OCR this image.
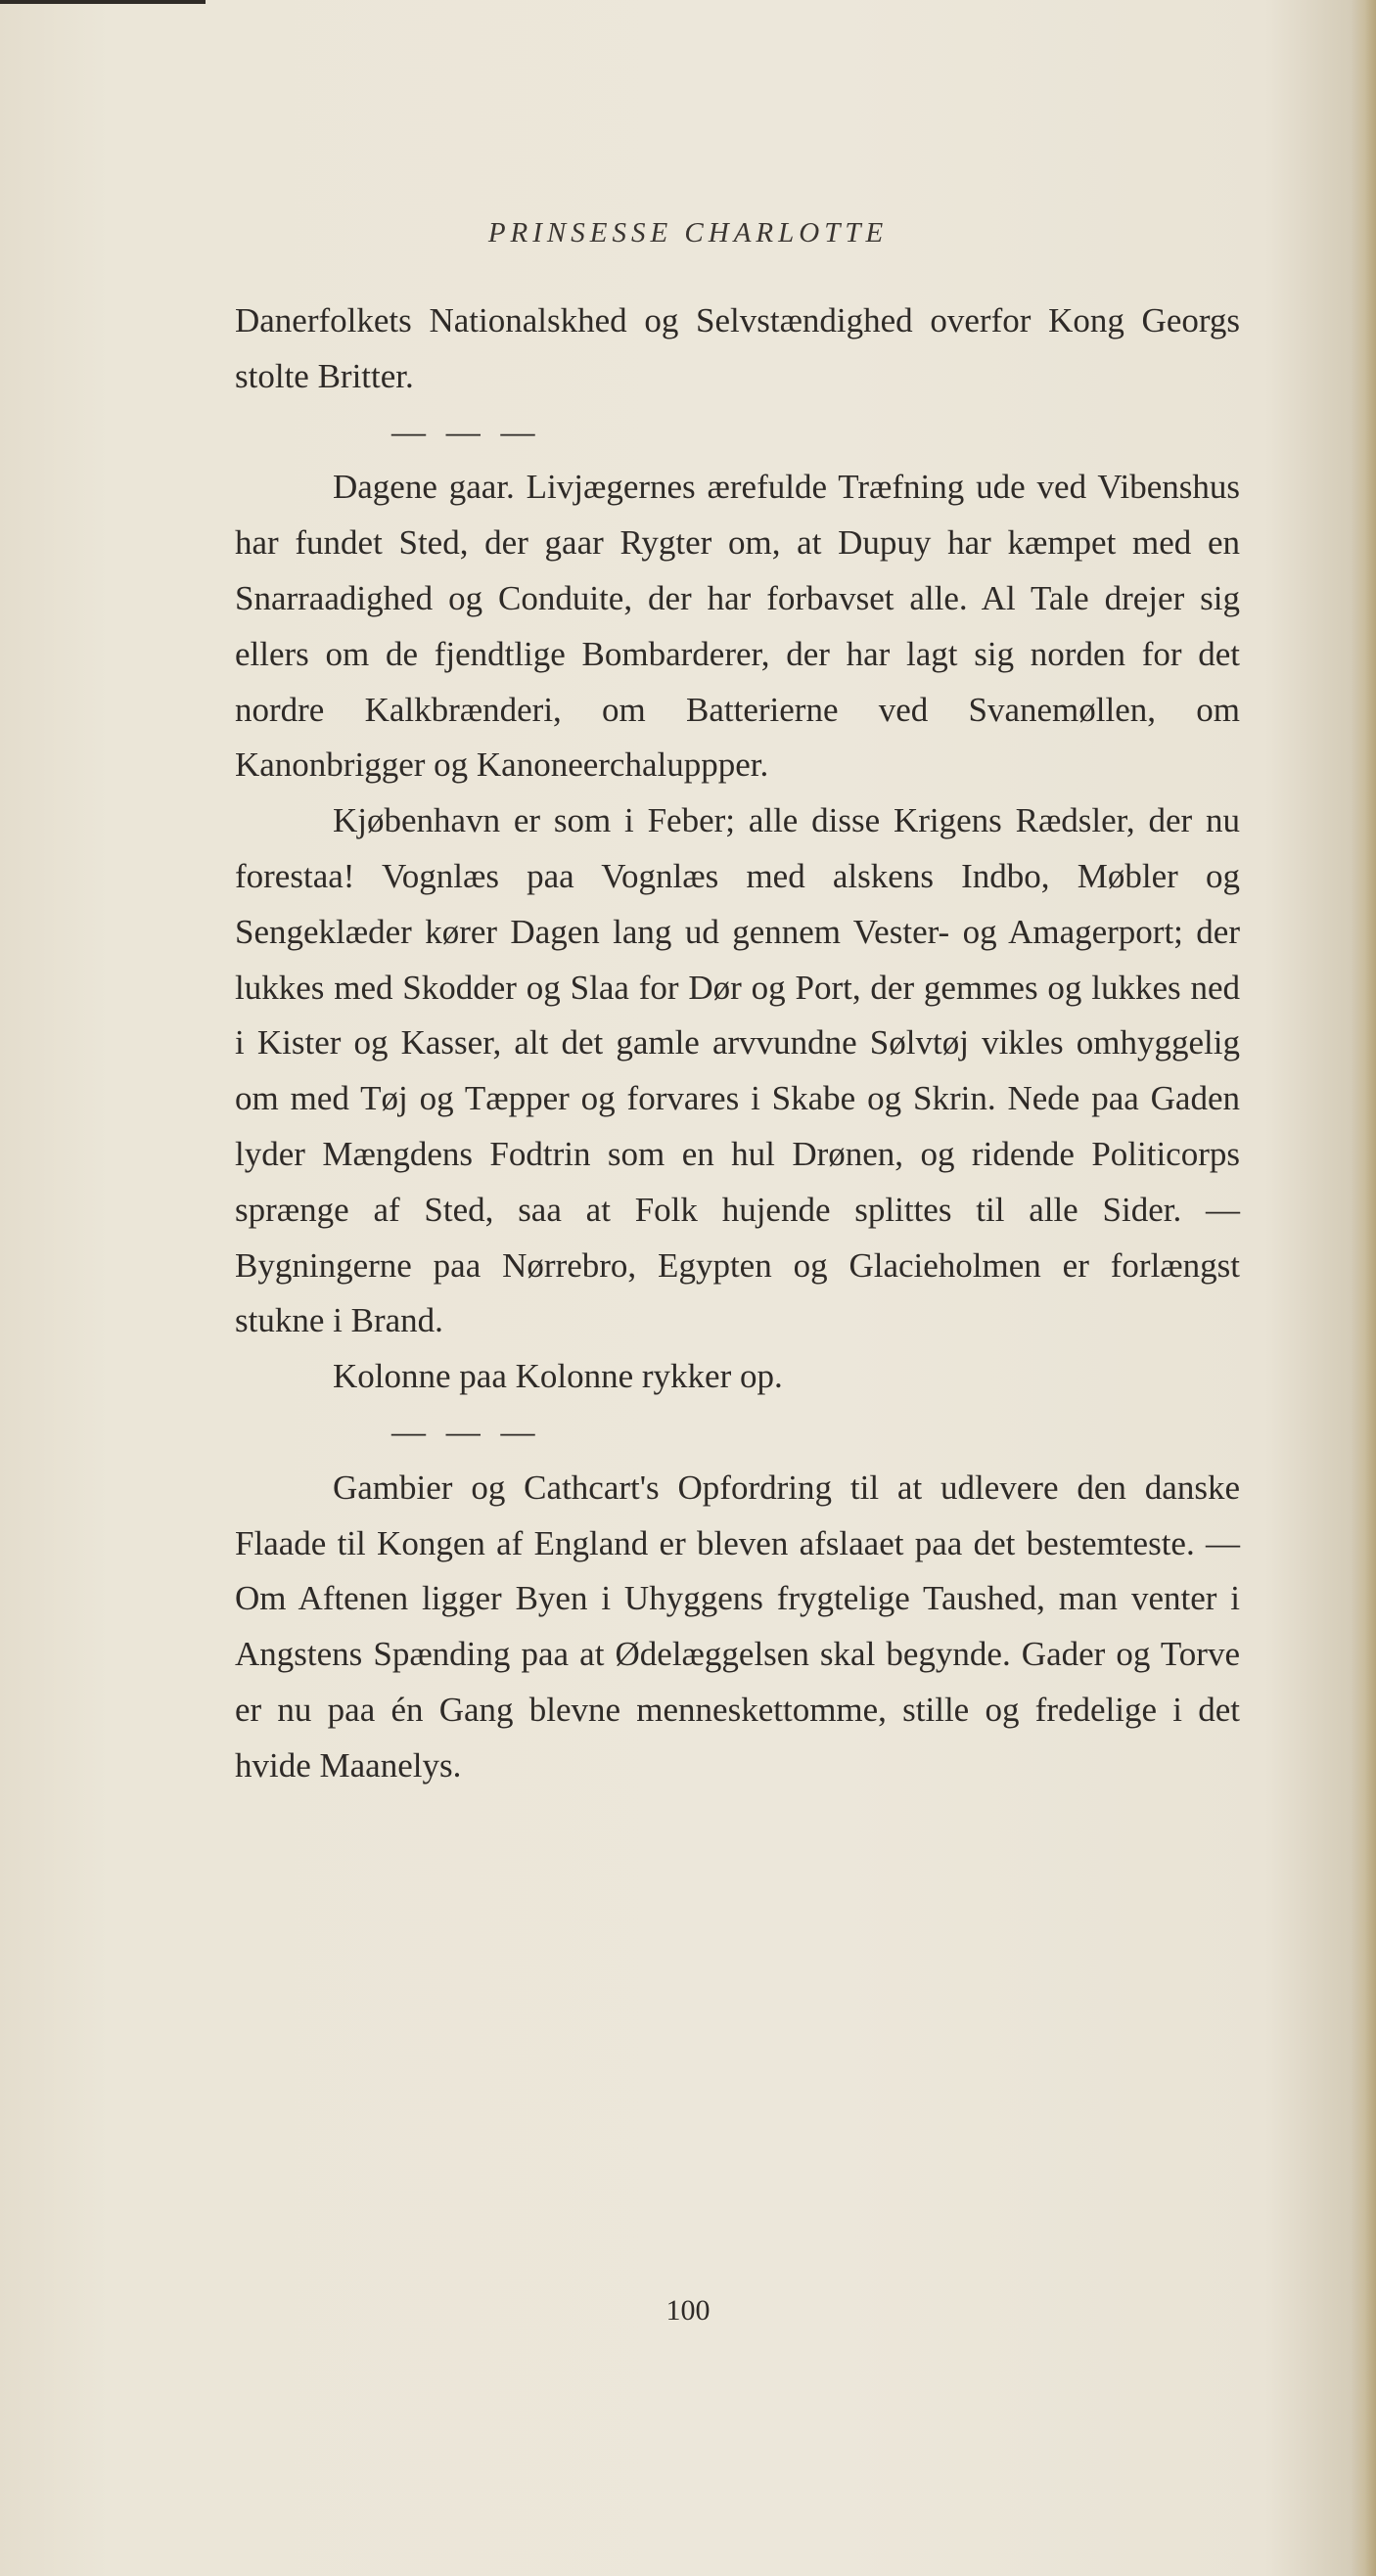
PRINSESSE CHARLOTTE

Danerfolkets Nationalskhed og Selvstændighed overfor Kong Georgs stolte Britter.

— — —

Dagene gaar. Livjægernes ærefulde Træfning ude ved Vibenshus har fundet Sted, der gaar Rygter om, at Dupuy har kæmpet med en Snarraadighed og Conduite, der har forbavset alle. Al Tale drejer sig ellers om de fjendtlige Bombarderer, der har lagt sig norden for det nordre Kalkbrænderi, om Batterierne ved Svanemøllen, om Kanonbrigger og Kanoneerchaluppper.

Kjøbenhavn er som i Feber; alle disse Krigens Rædsler, der nu forestaa! Vognlæs paa Vognlæs med alskens Indbo, Møbler og Sengeklæder kører Dagen lang ud gennem Vester- og Amagerport; der lukkes med Skodder og Slaa for Dør og Port, der gemmes og lukkes ned i Kister og Kasser, alt det gamle arvvundne Sølvtøj vikles omhyggelig om med Tøj og Tæpper og forvares i Skabe og Skrin. Nede paa Gaden lyder Mængdens Fodtrin som en hul Drønen, og ridende Politicorps sprænge af Sted, saa at Folk hujende splittes til alle Sider. — Bygningerne paa Nørrebro, Egypten og Glacieholmen er forlængst stukne i Brand.

Kolonne paa Kolonne rykker op.

— — —

Gambier og Cathcart's Opfordring til at udlevere den danske Flaade til Kongen af England er bleven afslaaet paa det bestemteste. — Om Aftenen ligger Byen i Uhyggens frygtelige Taushed, man venter i Angstens Spænding paa at Ødelæggelsen skal begynde. Gader og Torve er nu paa én Gang blevne menneskettomme, stille og fredelige i det hvide Maanelys.

100
